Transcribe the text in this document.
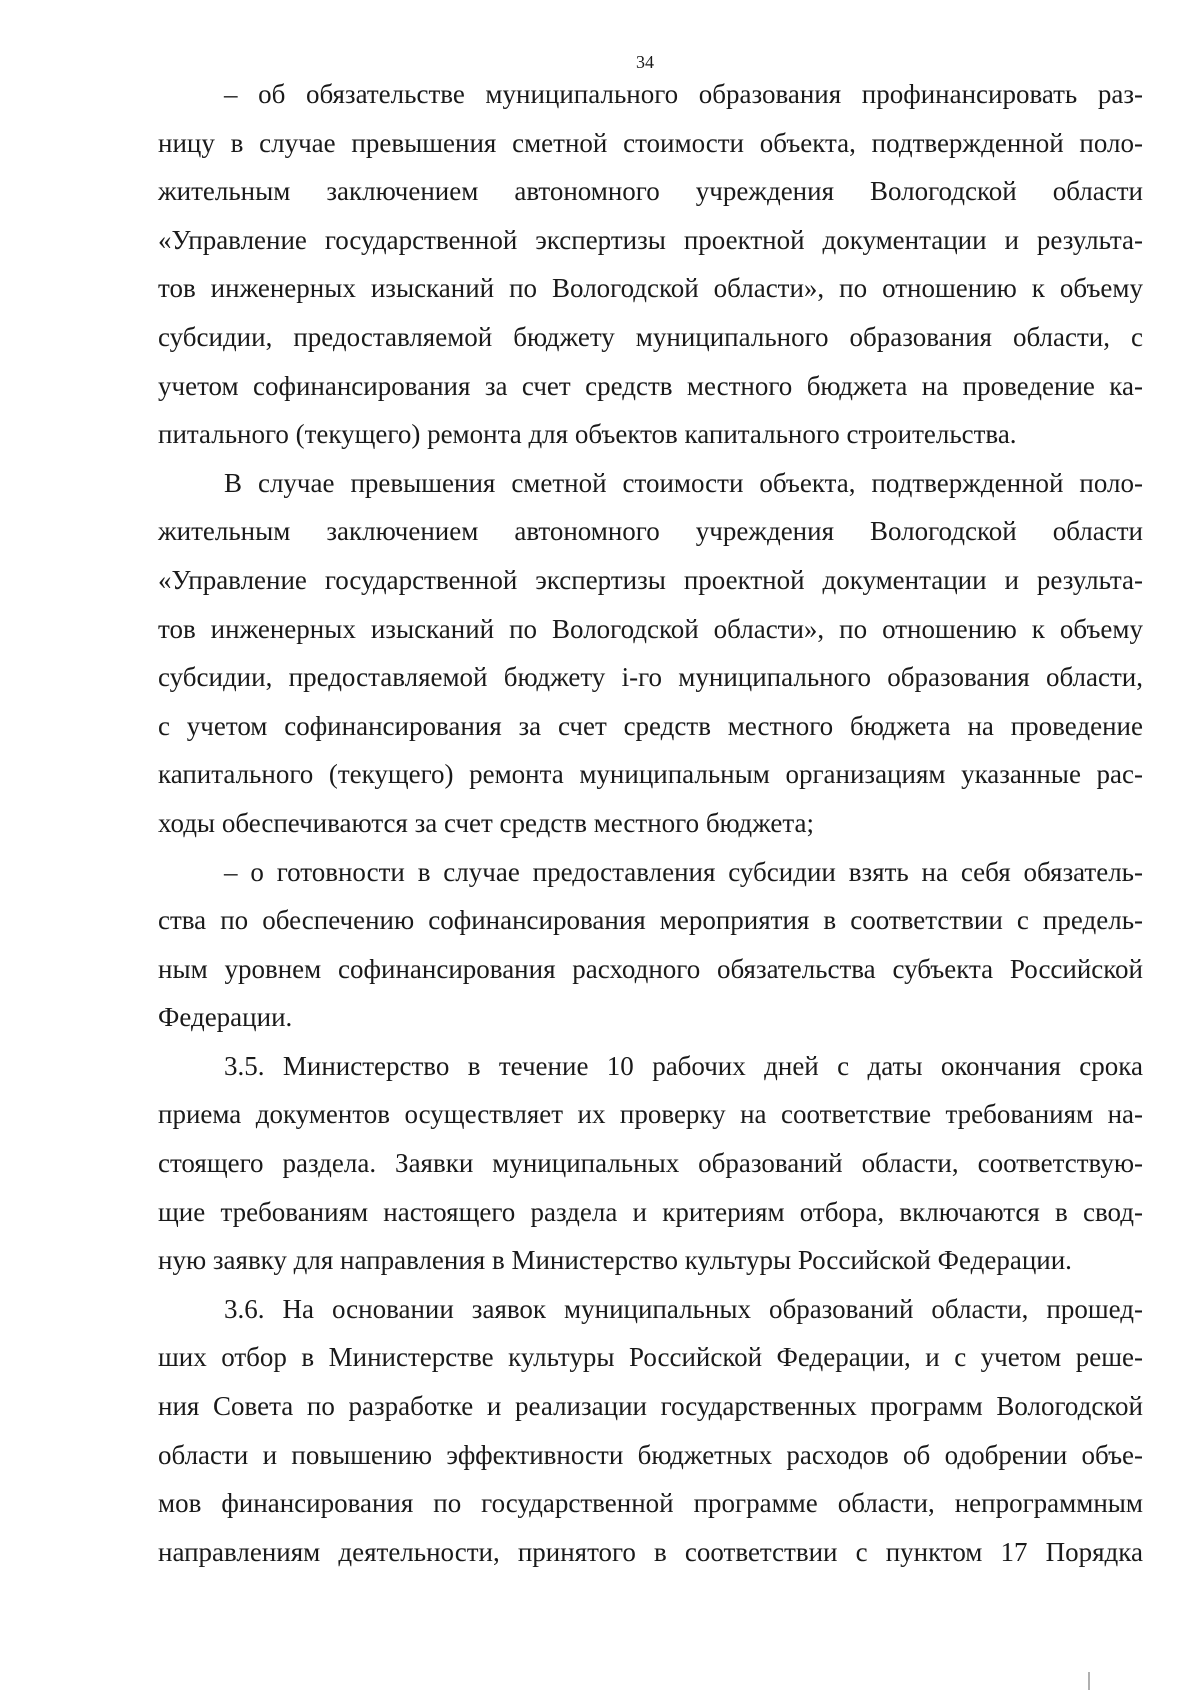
34
– об обязательстве муниципального образования профинансировать раз-
ницу в случае превышения сметной стоимости объекта, подтвержденной поло-
жительным заключением автономного учреждения Вологодской области
«Управление государственной экспертизы проектной документации и результа-
тов инженерных изысканий по Вологодской области», по отношению к объему
субсидии, предоставляемой бюджету муниципального образования области, с
учетом софинансирования за счет средств местного бюджета на проведение ка-
питального (текущего) ремонта для объектов капитального строительства.
В случае превышения сметной стоимости объекта, подтвержденной поло-
жительным заключением автономного учреждения Вологодской области
«Управление государственной экспертизы проектной документации и результа-
тов инженерных изысканий по Вологодской области», по отношению к объему
субсидии, предоставляемой бюджету i-го муниципального образования области,
с учетом софинансирования за счет средств местного бюджета на проведение
капитального (текущего) ремонта муниципальным организациям указанные рас-
ходы обеспечиваются за счет средств местного бюджета;
– о готовности в случае предоставления субсидии взять на себя обязатель-
ства по обеспечению софинансирования мероприятия в соответствии с предель-
ным уровнем софинансирования расходного обязательства субъекта Российской
Федерации.
3.5. Министерство в течение 10 рабочих дней с даты окончания срока
приема документов осуществляет их проверку на соответствие требованиям на-
стоящего раздела. Заявки муниципальных образований области, соответствую-
щие требованиям настоящего раздела и критериям отбора, включаются в свод-
ную заявку для направления в Министерство культуры Российской Федерации.
3.6. На основании заявок муниципальных образований области, прошед-
ших отбор в Министерстве культуры Российской Федерации, и с учетом реше-
ния Совета по разработке и реализации государственных программ Вологодской
области и повышению эффективности бюджетных расходов об одобрении объе-
мов финансирования по государственной программе области, непрограммным
направлениям деятельности, принятого в соответствии с пунктом 17 Порядка
